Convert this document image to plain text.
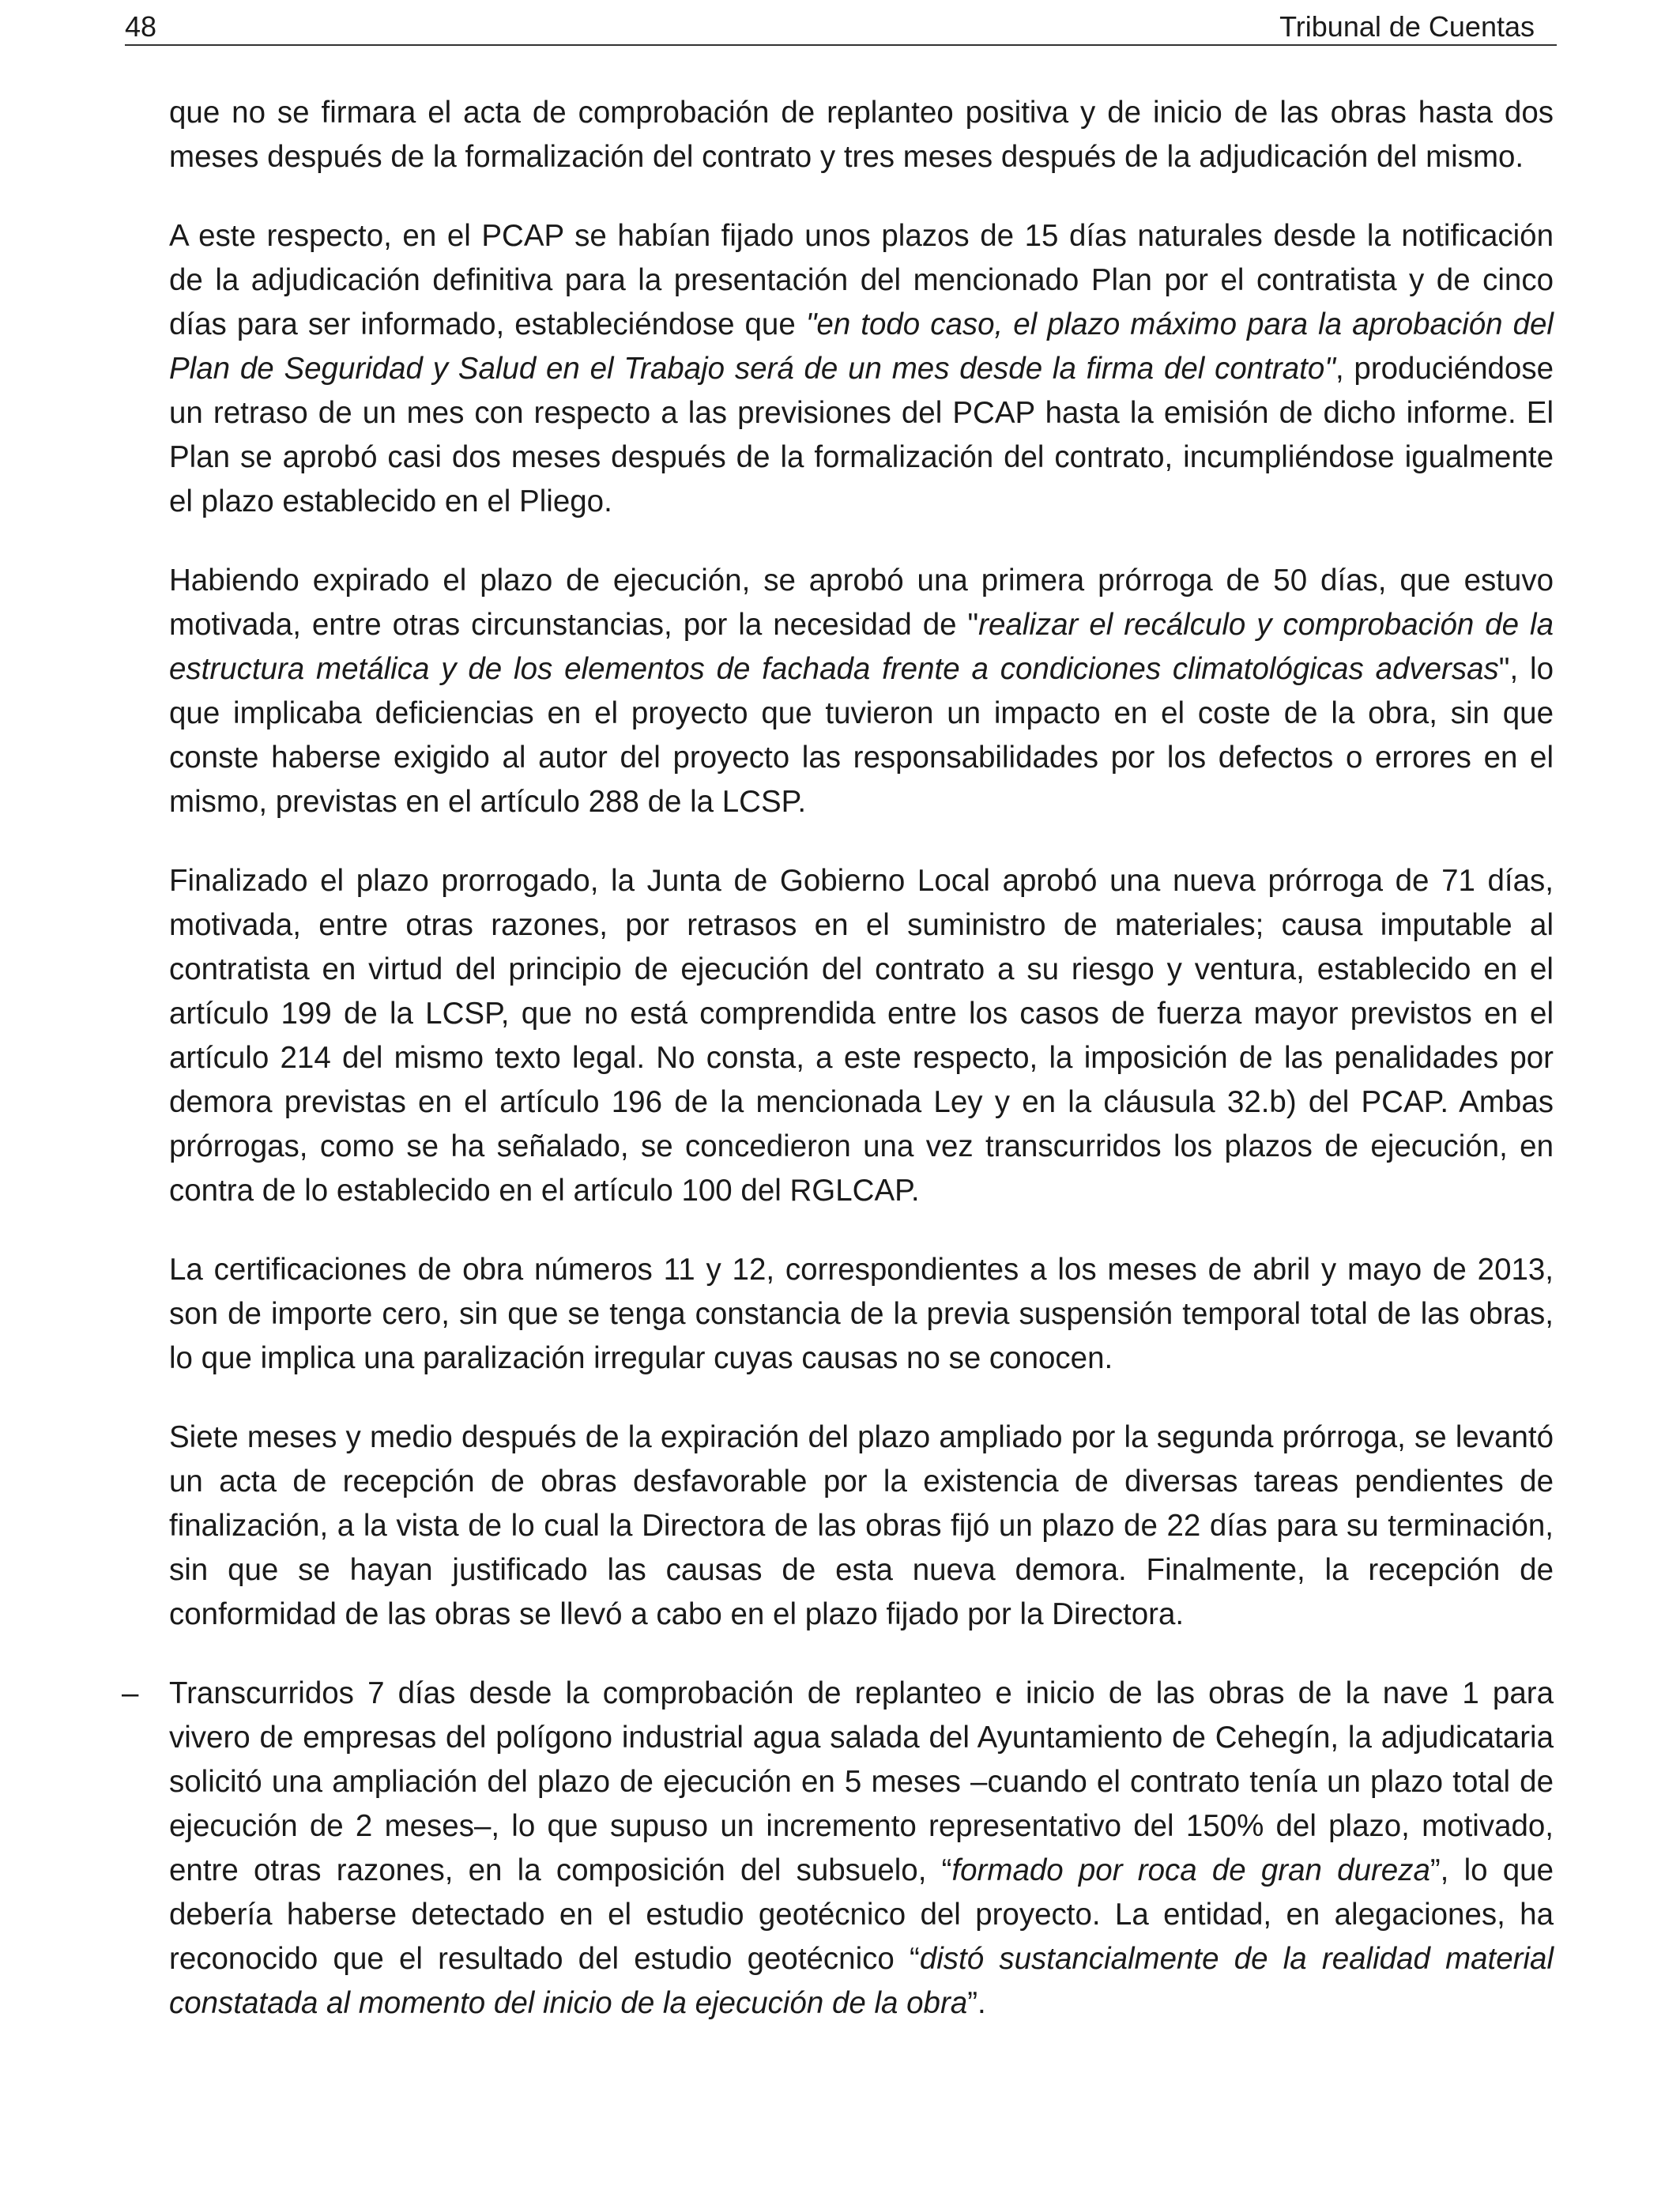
48	Tribunal de Cuentas

que no se firmara el acta de comprobación de replanteo positiva y de inicio de las obras hasta dos meses después de la formalización del contrato y tres meses después de la adjudicación del mismo.

A este respecto, en el PCAP se habían fijado unos plazos de 15 días naturales desde la notificación de la adjudicación definitiva para la presentación del mencionado Plan por el contratista y de cinco días para ser informado, estableciéndose que "en todo caso, el plazo máximo para la aprobación del Plan de Seguridad y Salud en el Trabajo será de un mes desde la firma del contrato", produciéndose un retraso de un mes con respecto a las previsiones del PCAP hasta la emisión de dicho informe. El Plan se aprobó casi dos meses después de la formalización del contrato, incumpliéndose igualmente el plazo establecido en el Pliego.

Habiendo expirado el plazo de ejecución, se aprobó una primera prórroga de 50 días, que estuvo motivada, entre otras circunstancias, por la necesidad de "realizar el recálculo y comprobación de la estructura metálica y de los elementos de fachada frente a condiciones climatológicas adversas", lo que implicaba deficiencias en el proyecto que tuvieron un impacto en el coste de la obra, sin que conste haberse exigido al autor del proyecto las responsabilidades por los defectos o errores en el mismo, previstas en el artículo 288 de la LCSP.

Finalizado el plazo prorrogado, la Junta de Gobierno Local aprobó una nueva prórroga de 71 días, motivada, entre otras razones, por retrasos en el suministro de materiales; causa imputable al contratista en virtud del principio de ejecución del contrato a su riesgo y ventura, establecido en el artículo 199 de la LCSP, que no está comprendida entre los casos de fuerza mayor previstos en el artículo 214 del mismo texto legal. No consta, a este respecto, la imposición de las penalidades por demora previstas en el artículo 196 de la mencionada Ley y en la cláusula 32.b) del PCAP. Ambas prórrogas, como se ha señalado, se concedieron una vez transcurridos los plazos de ejecución, en contra de lo establecido en el artículo 100 del RGLCAP.

La certificaciones de obra números 11 y 12, correspondientes a los meses de abril y mayo de 2013, son de importe cero, sin que se tenga constancia de la previa suspensión temporal total de las obras, lo que implica una paralización irregular cuyas causas no se conocen.

Siete meses y medio después de la expiración del plazo ampliado por la segunda prórroga, se levantó un acta de recepción de obras desfavorable por la existencia de diversas tareas pendientes de finalización, a la vista de lo cual la Directora de las obras fijó un plazo de 22 días para su terminación, sin que se hayan justificado las causas de esta nueva demora. Finalmente, la recepción de conformidad de las obras se llevó a cabo en el plazo fijado por la Directora.

– Transcurridos 7 días desde la comprobación de replanteo e inicio de las obras de la nave 1 para vivero de empresas del polígono industrial agua salada del Ayuntamiento de Cehegín, la adjudicataria solicitó una ampliación del plazo de ejecución en 5 meses –cuando el contrato tenía un plazo total de ejecución de 2 meses–, lo que supuso un incremento representativo del 150% del plazo, motivado, entre otras razones, en la composición del subsuelo, “formado por roca de gran dureza”, lo que debería haberse detectado en el estudio geotécnico del proyecto. La entidad, en alegaciones, ha reconocido que el resultado del estudio geotécnico “distó sustancialmente de la realidad material constatada al momento del inicio de la ejecución de la obra”.
